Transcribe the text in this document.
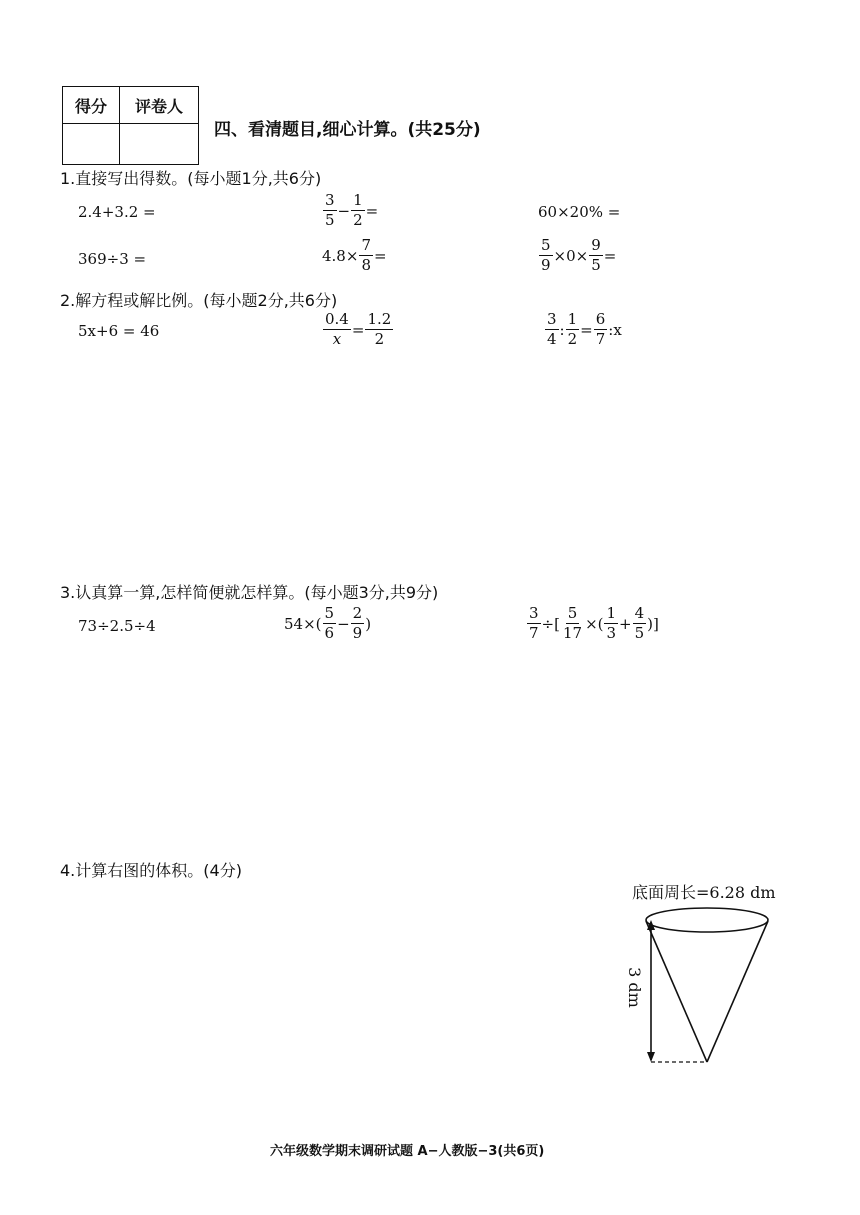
得分	评卷人

四、看清题目,细心计算。(共25分)
1.直接写出得数。(每小题1分,共6分)
2.4+3.2 =	$\frac{3}{5} - \frac{1}{2}$ =	60×20% =
369÷3 =	$4.8\times \frac{7}{8}$ =	$\frac{5}{9} \times 0\times \frac{9}{5}$ =
2.解方程或解比例。(每小题2分,共6分)
5x+6 = 46	$\frac{0.4}{x} = \frac{1.2}{2}$	$\frac{3}{4}$ : $\frac{1}{2} = \frac{6}{7}$ :x
3.认真算一算,怎样简便就怎样算。(每小题3分,共9分)
73÷2.5÷4	$54\times( \frac{5}{6} - \frac{2}{9}$ )	$\frac{3}{7}$ ÷[ $\frac{5}{17}$ ×( $\frac{1}{3} + \frac{4}{5}$ )]
4.计算右图的体积。(4分)
底面周长=6.28 dm
3 dm
六年级数学期末调研试题 A−人教版−3(共6页)
